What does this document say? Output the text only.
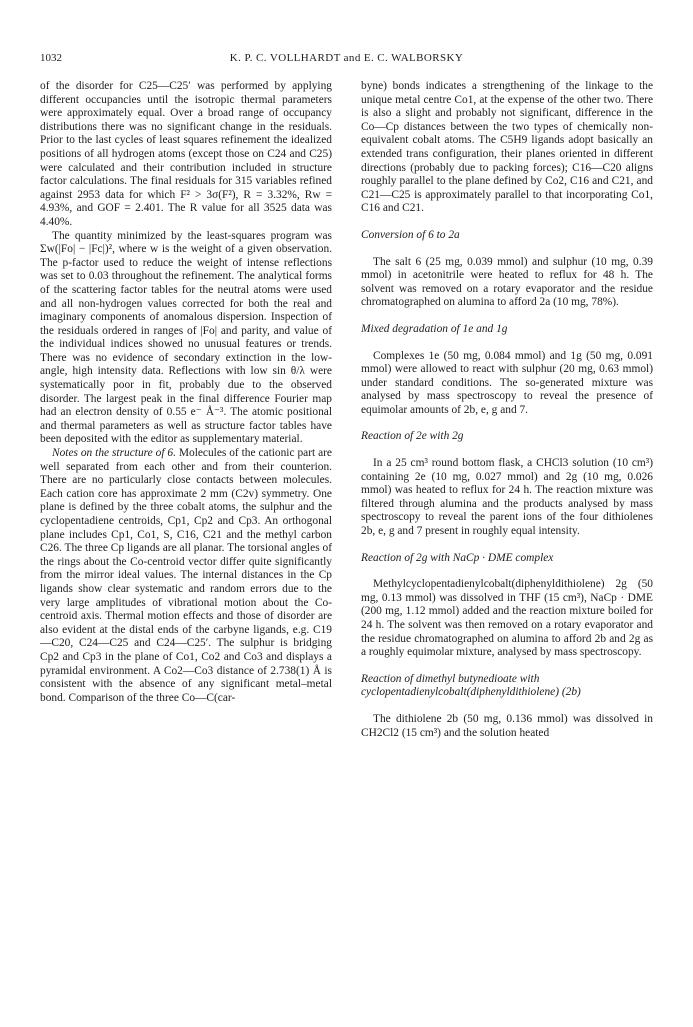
1032	K. P. C. VOLLHARDT and E. C. WALBORSKY

of the disorder for C25—C25′ was performed by applying different occupancies until the isotropic thermal parameters were approximately equal. Over a broad range of occupancy distributions there was no significant change in the residuals. Prior to the last cycles of least squares refinement the idealized positions of all hydrogen atoms (except those on C24 and C25) were calculated and their contribution included in structure factor calculations. The final residuals for 315 variables refined against 2953 data for which F² > 3σ(F²), R = 3.32%, Rw = 4.93%, and GOF = 2.401. The R value for all 3525 data was 4.40%.

The quantity minimized by the least-squares program was Σw(|Fo| − |Fc|)², where w is the weight of a given observation. The p-factor used to reduce the weight of intense reflections was set to 0.03 throughout the refinement. The analytical forms of the scattering factor tables for the neutral atoms were used and all non-hydrogen values corrected for both the real and imaginary components of anomalous dispersion. Inspection of the residuals ordered in ranges of |Fo| and parity, and value of the individual indices showed no unusual features or trends. There was no evidence of secondary extinction in the low-angle, high intensity data. Reflections with low sin θ/λ were systematically poor in fit, probably due to the observed disorder. The largest peak in the final difference Fourier map had an electron density of 0.55 e⁻ Å⁻³. The atomic positional and thermal parameters as well as structure factor tables have been deposited with the editor as supplementary material.

Notes on the structure of 6. Molecules of the cationic part are well separated from each other and from their counterion. There are no particularly close contacts between molecules. Each cation core has approximate 2 mm (C2v) symmetry. One plane is defined by the three cobalt atoms, the sulphur and the cyclopentadiene centroids, Cp1, Cp2 and Cp3. An orthogonal plane includes Cp1, Co1, S, C16, C21 and the methyl carbon C26. The three Cp ligands are all planar. The torsional angles of the rings about the Co-centroid vector differ quite significantly from the mirror ideal values. The internal distances in the Cp ligands show clear systematic and random errors due to the very large amplitudes of vibrational motion about the Co-centroid axis. Thermal motion effects and those of disorder are also evident at the distal ends of the carbyne ligands, e.g. C19—C20, C24—C25 and C24—C25′. The sulphur is bridging Cp2 and Cp3 in the plane of Co1, Co2 and Co3 and displays a pyramidal environment. A Co2—Co3 distance of 2.738(1) Å is consistent with the absence of any significant metal–metal bond. Comparison of the three Co—C(car-

byne) bonds indicates a strengthening of the linkage to the unique metal centre Co1, at the expense of the other two. There is also a slight and probably not significant, difference in the Co—Cp distances between the two types of chemically non-equivalent cobalt atoms. The C5H9 ligands adopt basically an extended trans configuration, their planes oriented in different directions (probably due to packing forces); C16—C20 aligns roughly parallel to the plane defined by Co2, C16 and C21, and C21—C25 is approximately parallel to that incorporating Co1, C16 and C21.

Conversion of 6 to 2a

The salt 6 (25 mg, 0.039 mmol) and sulphur (10 mg, 0.39 mmol) in acetonitrile were heated to reflux for 48 h. The solvent was removed on a rotary evaporator and the residue chromatographed on alumina to afford 2a (10 mg, 78%).

Mixed degradation of 1e and 1g

Complexes 1e (50 mg, 0.084 mmol) and 1g (50 mg, 0.091 mmol) were allowed to react with sulphur (20 mg, 0.63 mmol) under standard conditions. The so-generated mixture was analysed by mass spectroscopy to reveal the presence of equimolar amounts of 2b, e, g and 7.

Reaction of 2e with 2g

In a 25 cm³ round bottom flask, a CHCl3 solution (10 cm³) containing 2e (10 mg, 0.027 mmol) and 2g (10 mg, 0.026 mmol) was heated to reflux for 24 h. The reaction mixture was filtered through alumina and the products analysed by mass spectroscopy to reveal the parent ions of the four dithiolenes 2b, e, g and 7 present in roughly equal intensity.

Reaction of 2g with NaCp · DME complex

Methylcyclopentadienylcobalt(diphenyldithiolene) 2g (50 mg, 0.13 mmol) was dissolved in THF (15 cm³), NaCp · DME (200 mg, 1.12 mmol) added and the reaction mixture boiled for 24 h. The solvent was then removed on a rotary evaporator and the residue chromatographed on alumina to afford 2b and 2g as a roughly equimolar mixture, analysed by mass spectroscopy.

Reaction of dimethyl butynedioate with cyclopentadienylcobalt(diphenyldithiolene) (2b)

The dithiolene 2b (50 mg, 0.136 mmol) was dissolved in CH2Cl2 (15 cm³) and the solution heated
